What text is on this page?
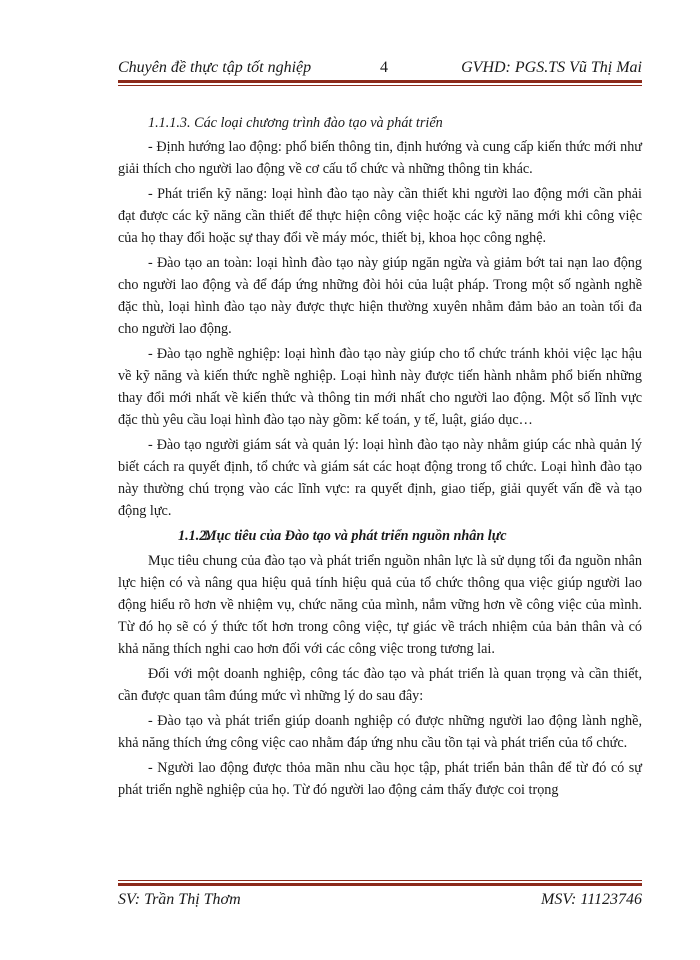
Chuyên đề thực tập tốt nghiệp	4	GVHD: PGS.TS Vũ Thị Mai

1.1.1.3. Các loại chương trình đào tạo và phát triển

- Định hướng lao động: phổ biến thông tin, định hướng và cung cấp kiến thức mới như giải thích cho người lao động về cơ cấu tổ chức và những thông tin khác.

- Phát triển kỹ năng: loại hình đào tạo này cần thiết khi người lao động mới cần phải đạt được các kỹ năng cần thiết để thực hiện công việc hoặc các kỹ năng mới khi công việc của họ thay đổi hoặc sự thay đổi về máy móc, thiết bị, khoa học công nghệ.

- Đào tạo an toàn: loại hình đào tạo này giúp ngăn ngừa và giảm bớt tai nạn lao động cho người lao động và để đáp ứng những đòi hỏi của luật pháp. Trong một số ngành nghề đặc thù, loại hình đào tạo này được thực hiện thường xuyên nhằm đảm bảo an toàn tối đa cho người lao động.

- Đào tạo nghề nghiệp: loại hình đào tạo này giúp cho tổ chức tránh khỏi việc lạc hậu về kỹ năng và kiến thức nghề nghiệp. Loại hình này được tiến hành nhằm phổ biến những thay đổi mới nhất về kiến thức và thông tin mới nhất cho người lao động. Một số lĩnh vực đặc thù yêu cầu loại hình đào tạo này gồm: kế toán, y tế, luật, giáo dục…

- Đào tạo người giám sát và quản lý: loại hình đào tạo này nhằm giúp các nhà quản lý biết cách ra quyết định, tổ chức và giám sát các hoạt động trong tổ chức. Loại hình đào tạo này thường chú trọng vào các lĩnh vực: ra quyết định, giao tiếp, giải quyết vấn đề và tạo động lực.

1.1.2.Mục tiêu của Đào tạo và phát triển nguồn nhân lực

Mục tiêu chung của đào tạo và phát triển nguồn nhân lực là sử dụng tối đa nguồn nhân lực hiện có và nâng qua hiệu quả tính hiệu quả của tổ chức thông qua việc giúp người lao động hiểu rõ hơn về nhiệm vụ, chức năng của mình, nắm vững hơn về công việc của mình. Từ đó họ sẽ có ý thức tốt hơn trong công việc, tự giác về trách nhiệm của bản thân và có khả năng thích nghi cao hơn đối với các công việc trong tương lai.

Đối với một doanh nghiệp, công tác đào tạo và phát triển là quan trọng và cần thiết, cần được quan tâm đúng mức vì những lý do sau đây:

- Đào tạo và phát triển giúp doanh nghiệp có được những người lao động lành nghề, khả năng thích ứng công việc cao nhằm đáp ứng nhu cầu tồn tại và phát triển của tổ chức.

- Người lao động được thỏa mãn nhu cầu học tập, phát triển bản thân để từ đó có sự phát triển nghề nghiệp của họ. Từ đó người lao động cảm thấy được coi trọng

SV: Trần Thị Thơm	MSV: 11123746
